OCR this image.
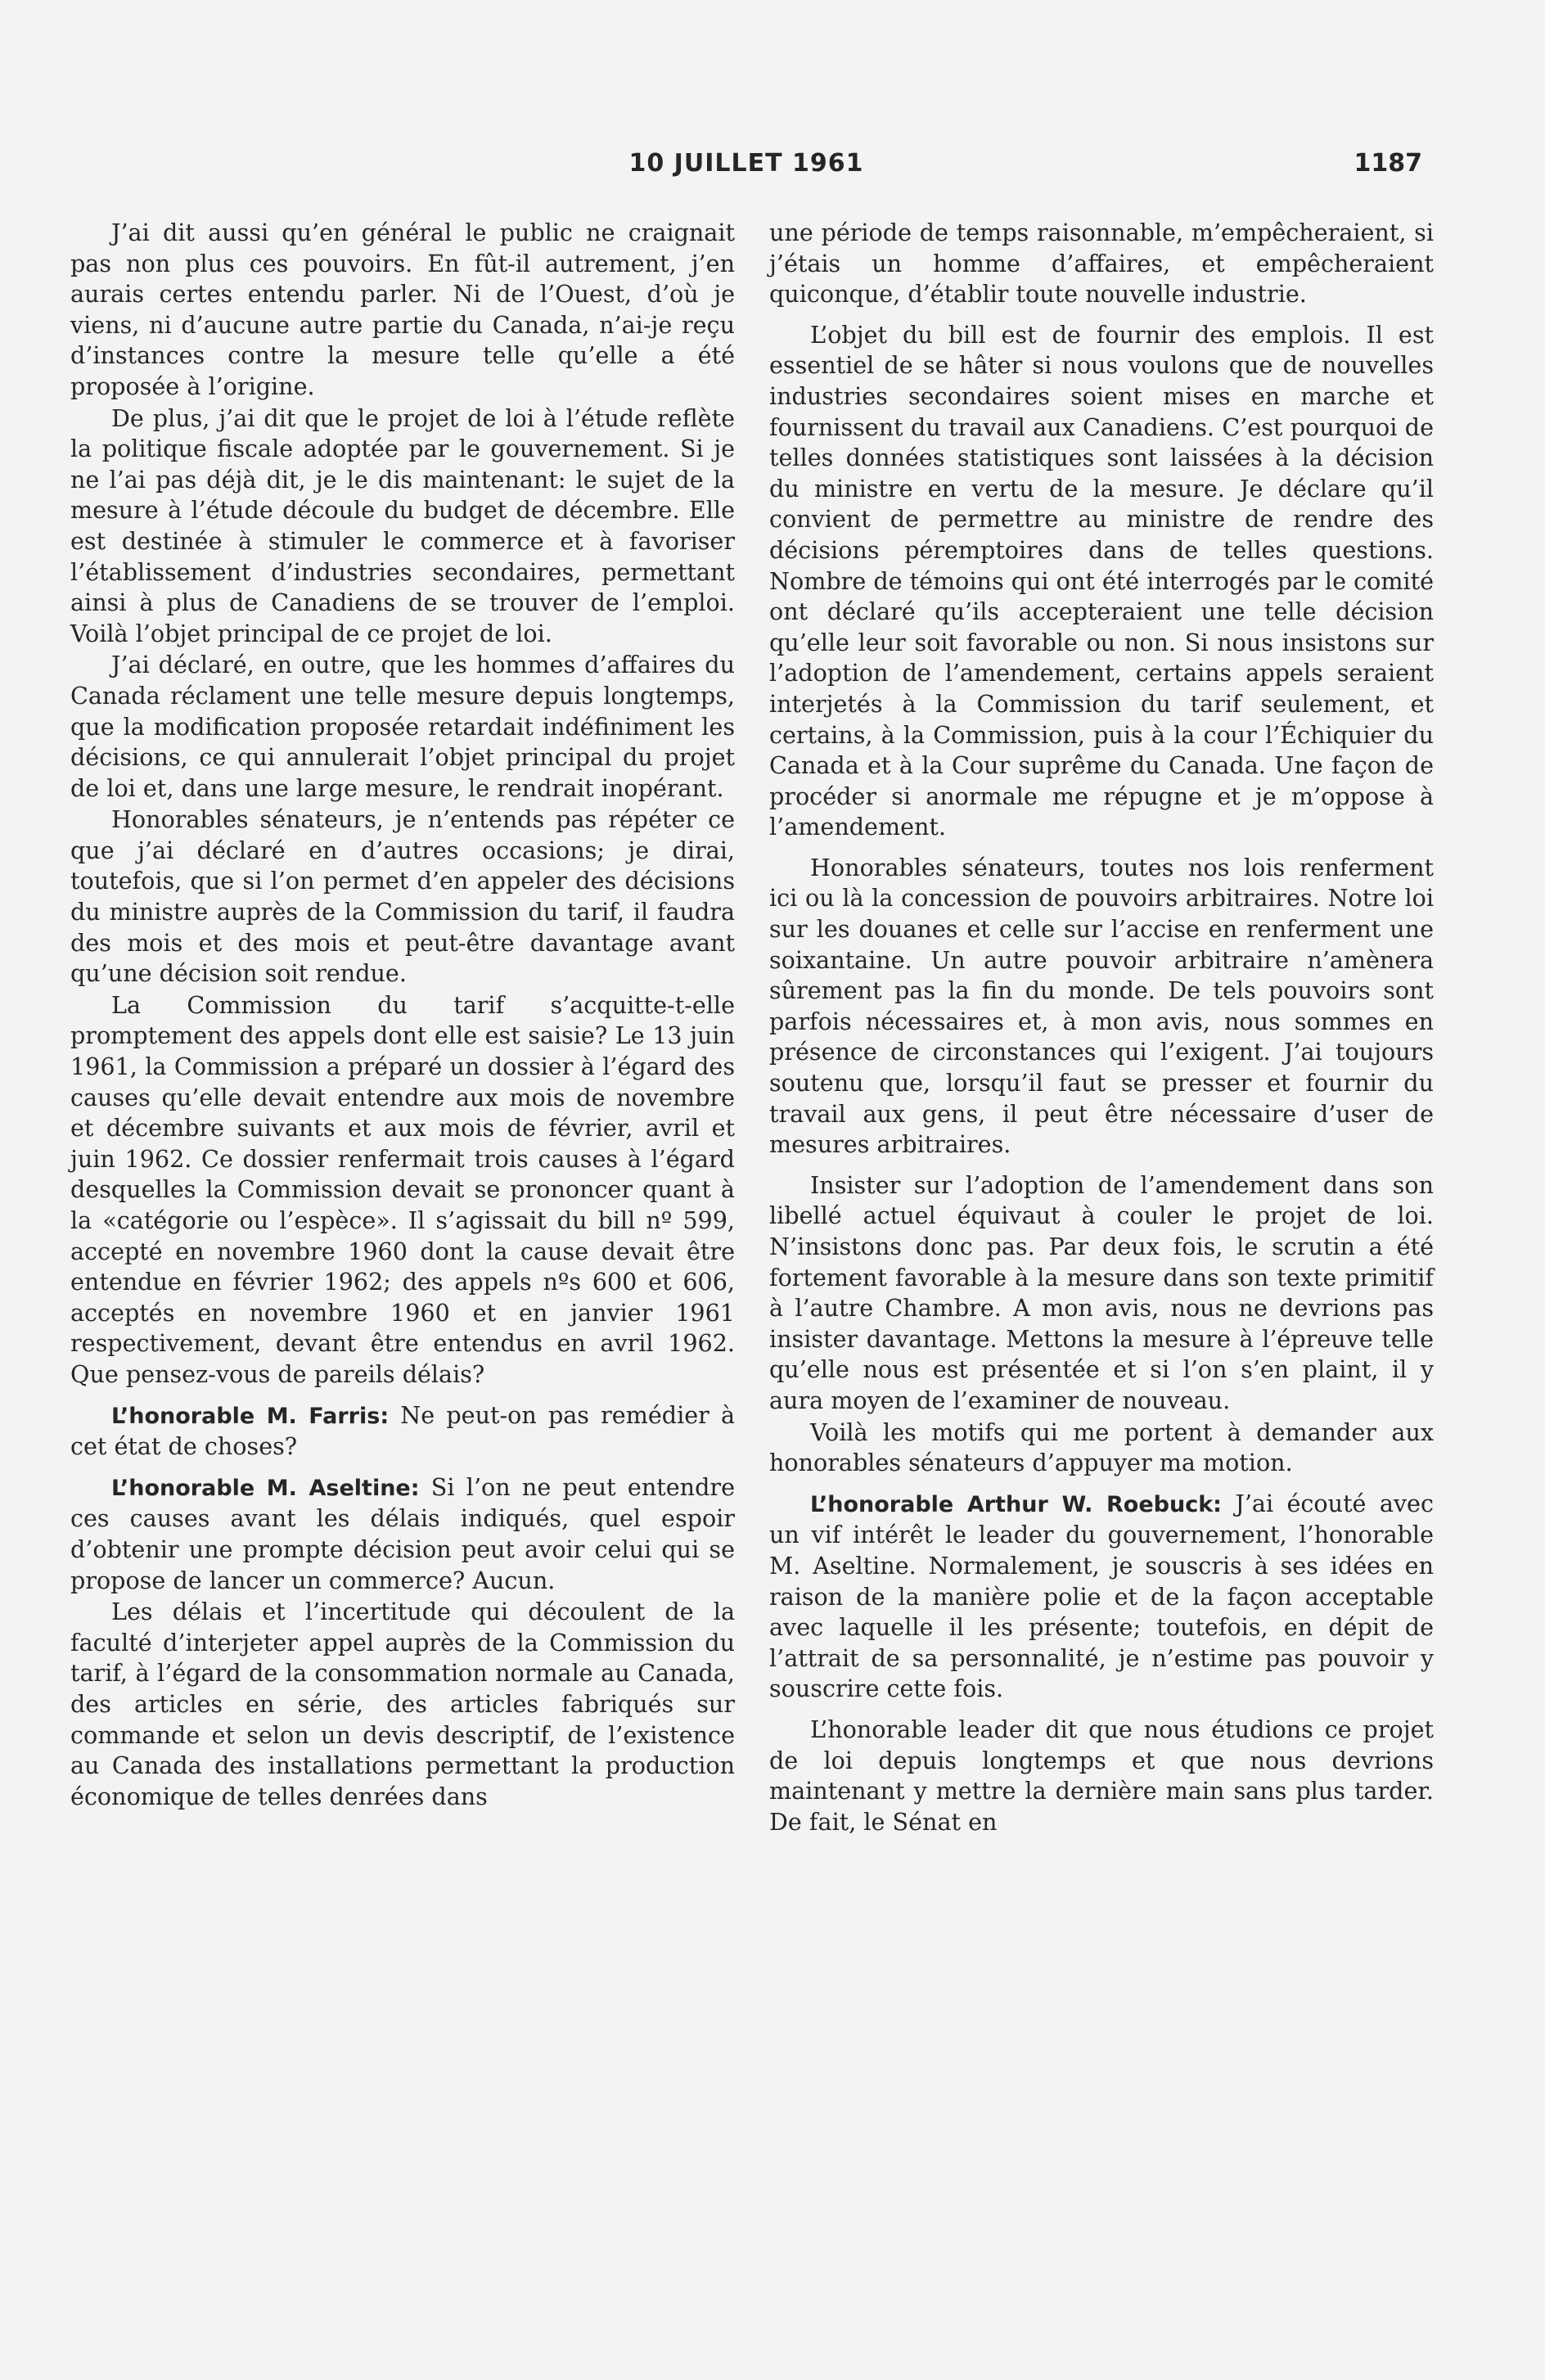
10 JUILLET 1961	1187

J’ai dit aussi qu’en général le public ne craignait pas non plus ces pouvoirs. En fût-il autrement, j’en aurais certes entendu parler. Ni de l’Ouest, d’où je viens, ni d’aucune autre partie du Canada, n’ai-je reçu d’instances contre la mesure telle qu’elle a été proposée à l’origine.

De plus, j’ai dit que le projet de loi à l’étude reflète la politique fiscale adoptée par le gouvernement. Si je ne l’ai pas déjà dit, je le dis maintenant: le sujet de la mesure à l’étude découle du budget de décembre. Elle est destinée à stimuler le commerce et à favoriser l’établissement d’industries secondaires, permettant ainsi à plus de Canadiens de se trouver de l’emploi. Voilà l’objet principal de ce projet de loi.

J’ai déclaré, en outre, que les hommes d’affaires du Canada réclament une telle mesure depuis longtemps, que la modification proposée retardait indéfiniment les décisions, ce qui annulerait l’objet principal du projet de loi et, dans une large mesure, le rendrait inopérant.

Honorables sénateurs, je n’entends pas répéter ce que j’ai déclaré en d’autres occasions; je dirai, toutefois, que si l’on permet d’en appeler des décisions du ministre auprès de la Commission du tarif, il faudra des mois et des mois et peut-être davantage avant qu’une décision soit rendue.

La Commission du tarif s’acquitte-t-elle promptement des appels dont elle est saisie? Le 13 juin 1961, la Commission a préparé un dossier à l’égard des causes qu’elle devait entendre aux mois de novembre et décembre suivants et aux mois de février, avril et juin 1962. Ce dossier renfermait trois causes à l’égard desquelles la Commission devait se prononcer quant à la «catégorie ou l’espèce». Il s’agissait du bill nº 599, accepté en novembre 1960 dont la cause devait être entendue en février 1962; des appels nºs 600 et 606, acceptés en novembre 1960 et en janvier 1961 respectivement, devant être entendus en avril 1962. Que pensez-vous de pareils délais?

L’honorable M. Farris: Ne peut-on pas remédier à cet état de choses?

L’honorable M. Aseltine: Si l’on ne peut entendre ces causes avant les délais indiqués, quel espoir d’obtenir une prompte décision peut avoir celui qui se propose de lancer un commerce? Aucun.

Les délais et l’incertitude qui découlent de la faculté d’interjeter appel auprès de la Commission du tarif, à l’égard de la consommation normale au Canada, des articles en série, des articles fabriqués sur commande et selon un devis descriptif, de l’existence au Canada des installations permettant la production économique de telles denrées dans

une période de temps raisonnable, m’empêcheraient, si j’étais un homme d’affaires, et empêcheraient quiconque, d’établir toute nouvelle industrie.

L’objet du bill est de fournir des emplois. Il est essentiel de se hâter si nous voulons que de nouvelles industries secondaires soient mises en marche et fournissent du travail aux Canadiens. C’est pourquoi de telles données statistiques sont laissées à la décision du ministre en vertu de la mesure. Je déclare qu’il convient de permettre au ministre de rendre des décisions péremptoires dans de telles questions. Nombre de témoins qui ont été interrogés par le comité ont déclaré qu’ils accepteraient une telle décision qu’elle leur soit favorable ou non. Si nous insistons sur l’adoption de l’amendement, certains appels seraient interjetés à la Commission du tarif seulement, et certains, à la Commission, puis à la cour l’Échiquier du Canada et à la Cour suprême du Canada. Une façon de procéder si anormale me répugne et je m’oppose à l’amendement.

Honorables sénateurs, toutes nos lois renferment ici ou là la concession de pouvoirs arbitraires. Notre loi sur les douanes et celle sur l’accise en renferment une soixantaine. Un autre pouvoir arbitraire n’amènera sûrement pas la fin du monde. De tels pouvoirs sont parfois nécessaires et, à mon avis, nous sommes en présence de circonstances qui l’exigent. J’ai toujours soutenu que, lorsqu’il faut se presser et fournir du travail aux gens, il peut être nécessaire d’user de mesures arbitraires.

Insister sur l’adoption de l’amendement dans son libellé actuel équivaut à couler le projet de loi. N’insistons donc pas. Par deux fois, le scrutin a été fortement favorable à la mesure dans son texte primitif à l’autre Chambre. A mon avis, nous ne devrions pas insister davantage. Mettons la mesure à l’épreuve telle qu’elle nous est présentée et si l’on s’en plaint, il y aura moyen de l’examiner de nouveau.

Voilà les motifs qui me portent à demander aux honorables sénateurs d’appuyer ma motion.

L’honorable Arthur W. Roebuck: J’ai écouté avec un vif intérêt le leader du gouvernement, l’honorable M. Aseltine. Normalement, je souscris à ses idées en raison de la manière polie et de la façon acceptable avec laquelle il les présente; toutefois, en dépit de l’attrait de sa personnalité, je n’estime pas pouvoir y souscrire cette fois.

L’honorable leader dit que nous étudions ce projet de loi depuis longtemps et que nous devrions maintenant y mettre la dernière main sans plus tarder. De fait, le Sénat en
